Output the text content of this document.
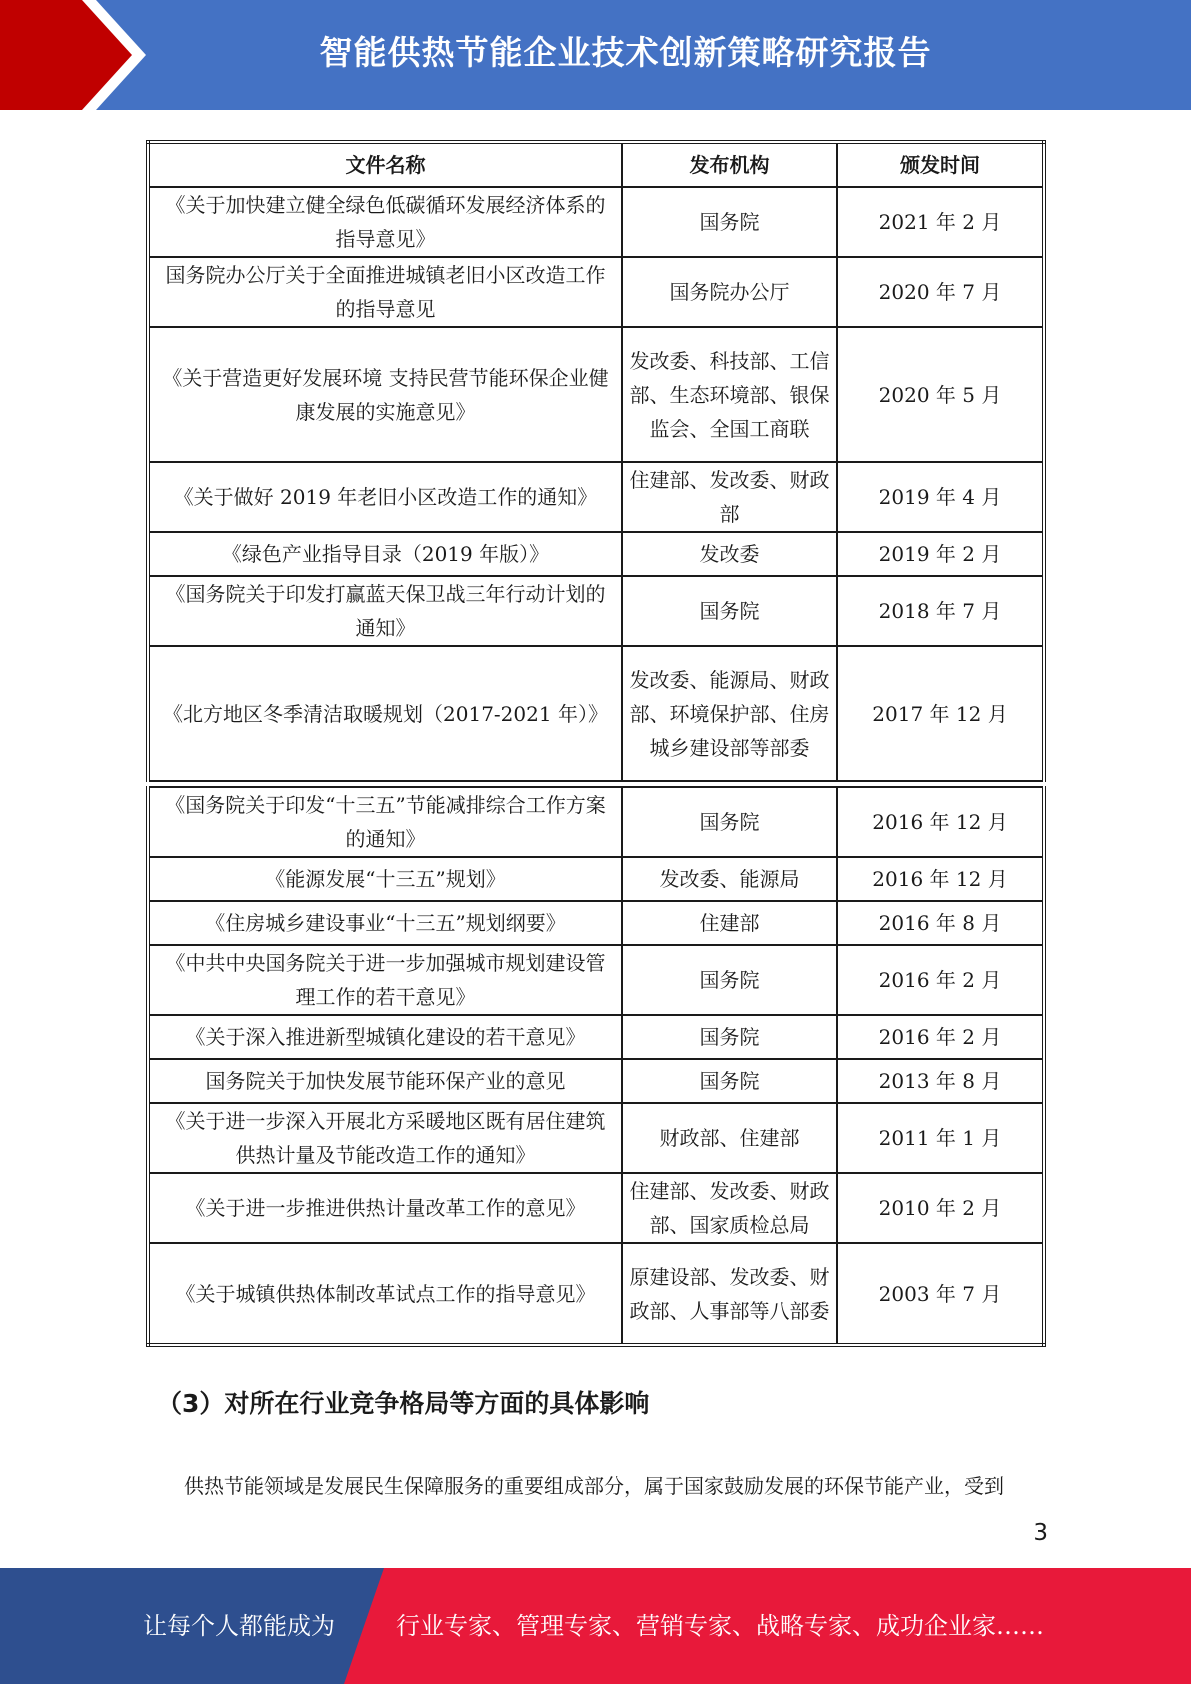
智能供热节能企业技术创新策略研究报告
文件名称	发布机构	颁发时间
《关于加快建立健全绿色低碳循环发展经济体系的指导意见》	国务院	2021 年 2 月
国务院办公厅关于全面推进城镇老旧小区改造工作的指导意见	国务院办公厅	2020 年 7 月
《关于营造更好发展环境 支持民营节能环保企业健康发展的实施意见》	发改委、科技部、工信部、生态环境部、银保监会、全国工商联	2020 年 5 月
《关于做好 2019 年老旧小区改造工作的通知》	住建部、发改委、财政部	2019 年 4 月
《绿色产业指导目录（2019 年版）》	发改委	2019 年 2 月
《国务院关于印发打赢蓝天保卫战三年行动计划的通知》	国务院	2018 年 7 月
《北方地区冬季清洁取暖规划（2017-2021 年）》	发改委、能源局、财政部、环境保护部、住房城乡建设部等部委	2017 年 12 月
《国务院关于印发“十三五”节能减排综合工作方案的通知》	国务院	2016 年 12 月
《能源发展“十三五”规划》	发改委、能源局	2016 年 12 月
《住房城乡建设事业“十三五”规划纲要》	住建部	2016 年 8 月
《中共中央国务院关于进一步加强城市规划建设管理工作的若干意见》	国务院	2016 年 2 月
《关于深入推进新型城镇化建设的若干意见》	国务院	2016 年 2 月
国务院关于加快发展节能环保产业的意见	国务院	2013 年 8 月
《关于进一步深入开展北方采暖地区既有居住建筑供热计量及节能改造工作的通知》	财政部、住建部	2011 年 1 月
《关于进一步推进供热计量改革工作的意见》	住建部、发改委、财政部、国家质检总局	2010 年 2 月
《关于城镇供热体制改革试点工作的指导意见》	原建设部、发改委、财政部、人事部等八部委	2003 年 7 月
（3）对所在行业竞争格局等方面的具体影响
供热节能领域是发展民生保障服务的重要组成部分，属于国家鼓励发展的环保节能产业，受到
3
让每个人都能成为	行业专家、管理专家、营销专家、战略专家、成功企业家……
